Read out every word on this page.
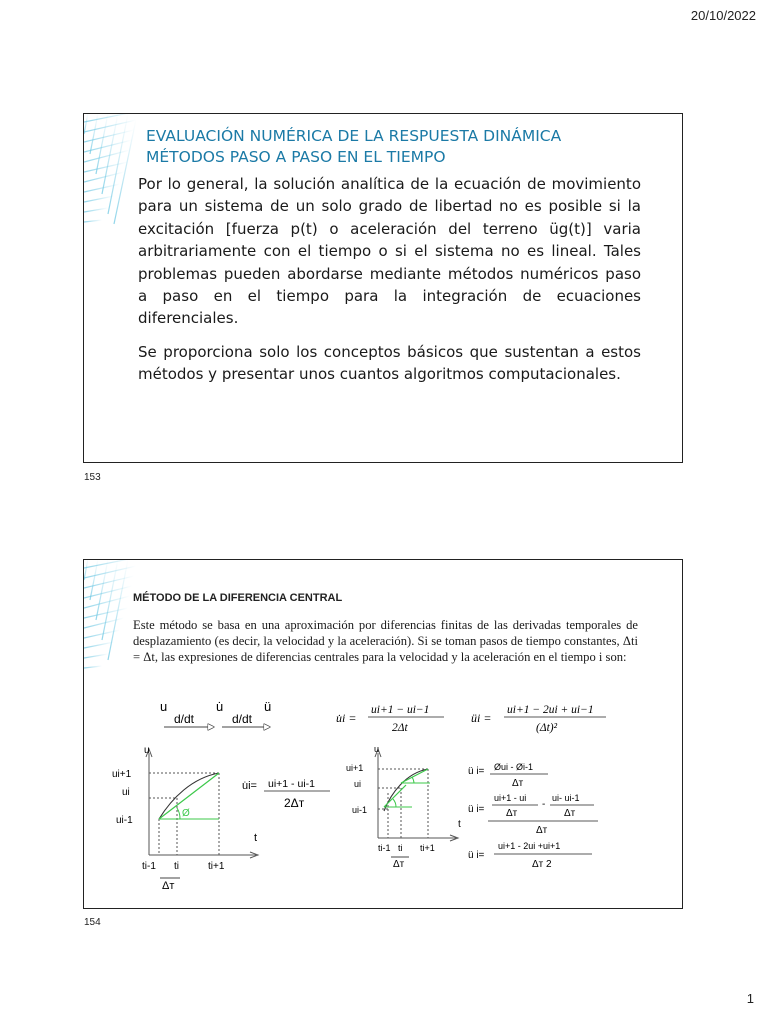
20/10/2022
EVALUACIÓN NUMÉRICA DE LA RESPUESTA DINÁMICA
MÉTODOS PASO A PASO EN EL TIEMPO

Por lo general, la solución analítica de la ecuación de movimiento para un sistema de un solo grado de libertad no es posible si la excitación [fuerza p(t) o aceleración del terreno üg(t)] varia arbitrariamente con el tiempo o si el sistema no es lineal. Tales problemas pueden abordarse mediante métodos numéricos paso a paso en el tiempo para la integración de ecuaciones diferenciales.

Se proporciona solo los conceptos básicos que sustentan a estos métodos y presentar unos cuantos algoritmos computacionales.

153
MÉTODO DE LA DIFERENCIA CENTRAL

Este método se basa en una aproximación por diferencias finitas de las derivadas temporales de desplazamiento (es decir, la velocidad y la aceleración). Si se toman pasos de tiempo constantes, Δti = Δt, las expresiones de diferencias centrales para la velocidad y la aceleración en el tiempo i son:

u
d/dt
u̇
d/dt
ü
u̇i =
ui+1 − ui−1
2Δt
üi =
ui+1 − 2ui + ui−1
(Δt)²
u
t
Ø
ui+1
ui
ui-1
ti-1 ti	ti+1
Δт
u̇i= ui+1 - ui-1
2Δт
u
t
ui+1
ui
ui-1
ti-1 ti ti+1
Δт
ü i= Øui - Øi-1
Δт
ü i=
ui+1 - ui
Δт
-
ui- ui-1
Δт
Δт
ü i=
ui+1 - 2ui +ui+1
Δт 2
154
1
